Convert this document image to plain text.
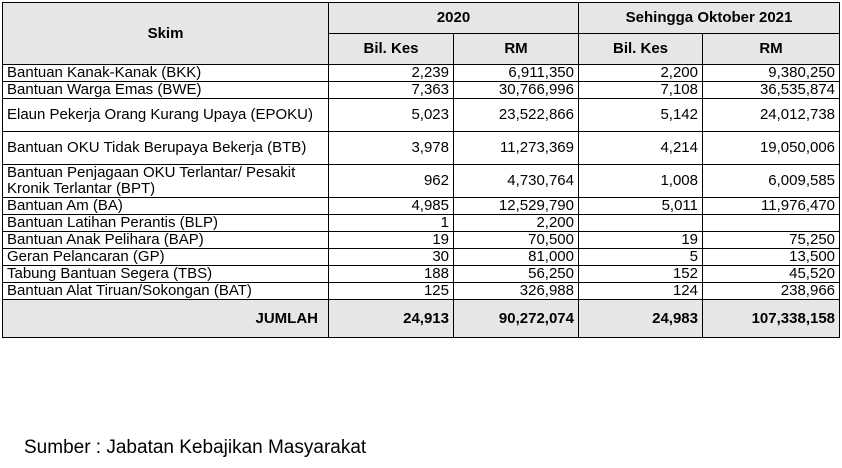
Skim	2020		Sehingga Oktober 2021	
	Bil. Kes	RM	Bil. Kes	RM
Bantuan Kanak-Kanak (BKK)	2,239	6,911,350	2,200	9,380,250
Bantuan Warga Emas (BWE)	7,363	30,766,996	7,108	36,535,874
Elaun Pekerja Orang Kurang Upaya (EPOKU)	5,023	23,522,866	5,142	24,012,738
Bantuan OKU Tidak Berupaya Bekerja (BTB)	3,978	11,273,369	4,214	19,050,006
Bantuan Penjagaan OKU Terlantar/ Pesakit Kronik Terlantar (BPT)	962	4,730,764	1,008	6,009,585
Bantuan Am (BA)	4,985	12,529,790	5,011	11,976,470
Bantuan Latihan Perantis (BLP)	1	2,200		
Bantuan Anak Pelihara (BAP)	19	70,500	19	75,250
Geran Pelancaran (GP)	30	81,000	5	13,500
Tabung Bantuan Segera (TBS)	188	56,250	152	45,520
Bantuan Alat Tiruan/Sokongan (BAT)	125	326,988	124	238,966
JUMLAH	24,913	90,272,074	24,983	107,338,158
Sumber : Jabatan Kebajikan Masyarakat
